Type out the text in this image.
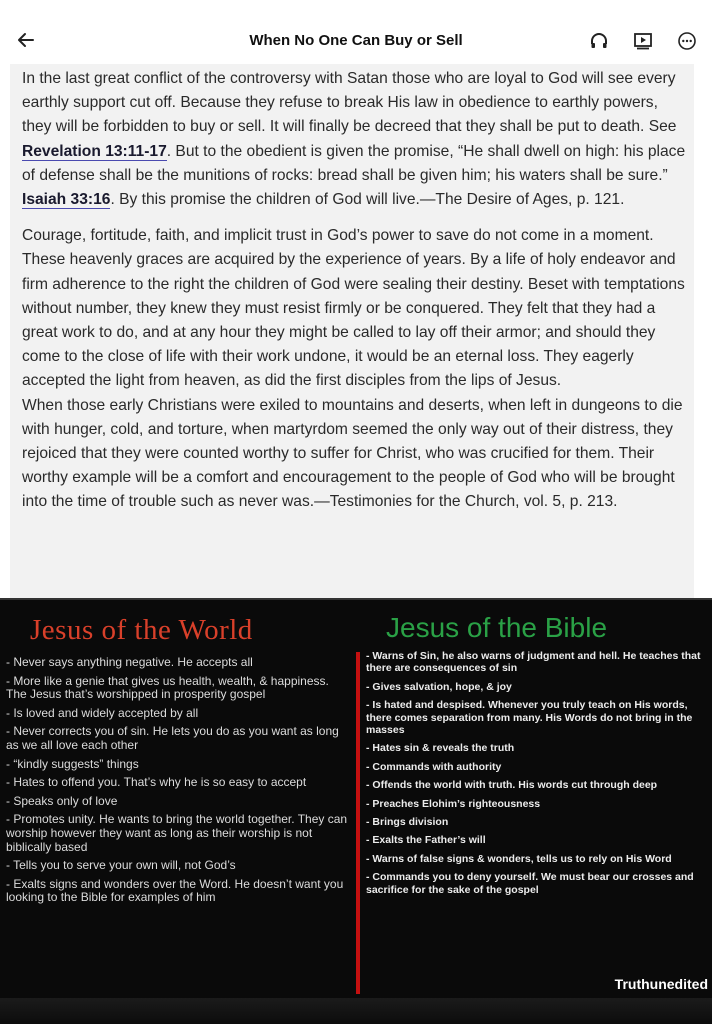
When No One Can Buy or Sell

In the last great conflict of the controversy with Satan those who are loyal to God will see every earthly support cut off. Because they refuse to break His law in obedience to earthly powers, they will be forbidden to buy or sell. It will finally be decreed that they shall be put to death. See Revelation 13:11-17. But to the obedient is given the promise, “He shall dwell on high: his place of defense shall be the munitions of rocks: bread shall be given him; his waters shall be sure.” Isaiah 33:16. By this promise the children of God will live.—The Desire of Ages, p. 121.

Courage, fortitude, faith, and implicit trust in God’s power to save do not come in a moment. These heavenly graces are acquired by the experience of years. By a life of holy endeavor and firm adherence to the right the children of God were sealing their destiny. Beset with temptations without number, they knew they must resist firmly or be conquered. They felt that they had a great work to do, and at any hour they might be called to lay off their armor; and should they come to the close of life with their work undone, it would be an eternal loss. They eagerly accepted the light from heaven, as did the first disciples from the lips of Jesus.

When those early Christians were exiled to mountains and deserts, when left in dungeons to die with hunger, cold, and torture, when martyrdom seemed the only way out of their distress, they rejoiced that they were counted worthy to suffer for Christ, who was crucified for them. Their worthy example will be a comfort and encouragement to the people of God who will be brought into the time of trouble such as never was.—Testimonies for the Church, vol. 5, p. 213.

Jesus of the World	Jesus of the Bible
- Never says anything negative. He accepts all
- More like a genie that gives us health, wealth, & happiness. The Jesus that’s worshipped in prosperity gospel
- Is loved and widely accepted by all
- Never corrects you of sin. He lets you do as you want as long as we all love each other
- “kindly suggests” things
- Hates to offend you. That’s why he is so easy to accept
- Speaks only of love
- Promotes unity. He wants to bring the world together. They can worship however they want as long as their worship is not biblically based
- Tells you to serve your own will, not God’s
- Exalts signs and wonders over the Word. He doesn’t want you looking to the Bible for examples of him
- Warns of Sin, he also warns of judgment and hell. He teaches that there are consequences of sin
- Gives salvation, hope, & joy
- Is hated and despised. Whenever you truly teach on His words, there comes separation from many. His Words do not bring in the masses
- Hates sin & reveals the truth
- Commands with authority
- Offends the world with truth. His words cut through deep
- Preaches Elohim’s righteousness
- Brings division
- Exalts the Father’s will
- Warns of false signs & wonders, tells us to rely on His Word
- Commands you to deny yourself. We must bear our crosses and sacrifice for the sake of the gospel
Truthunedited
